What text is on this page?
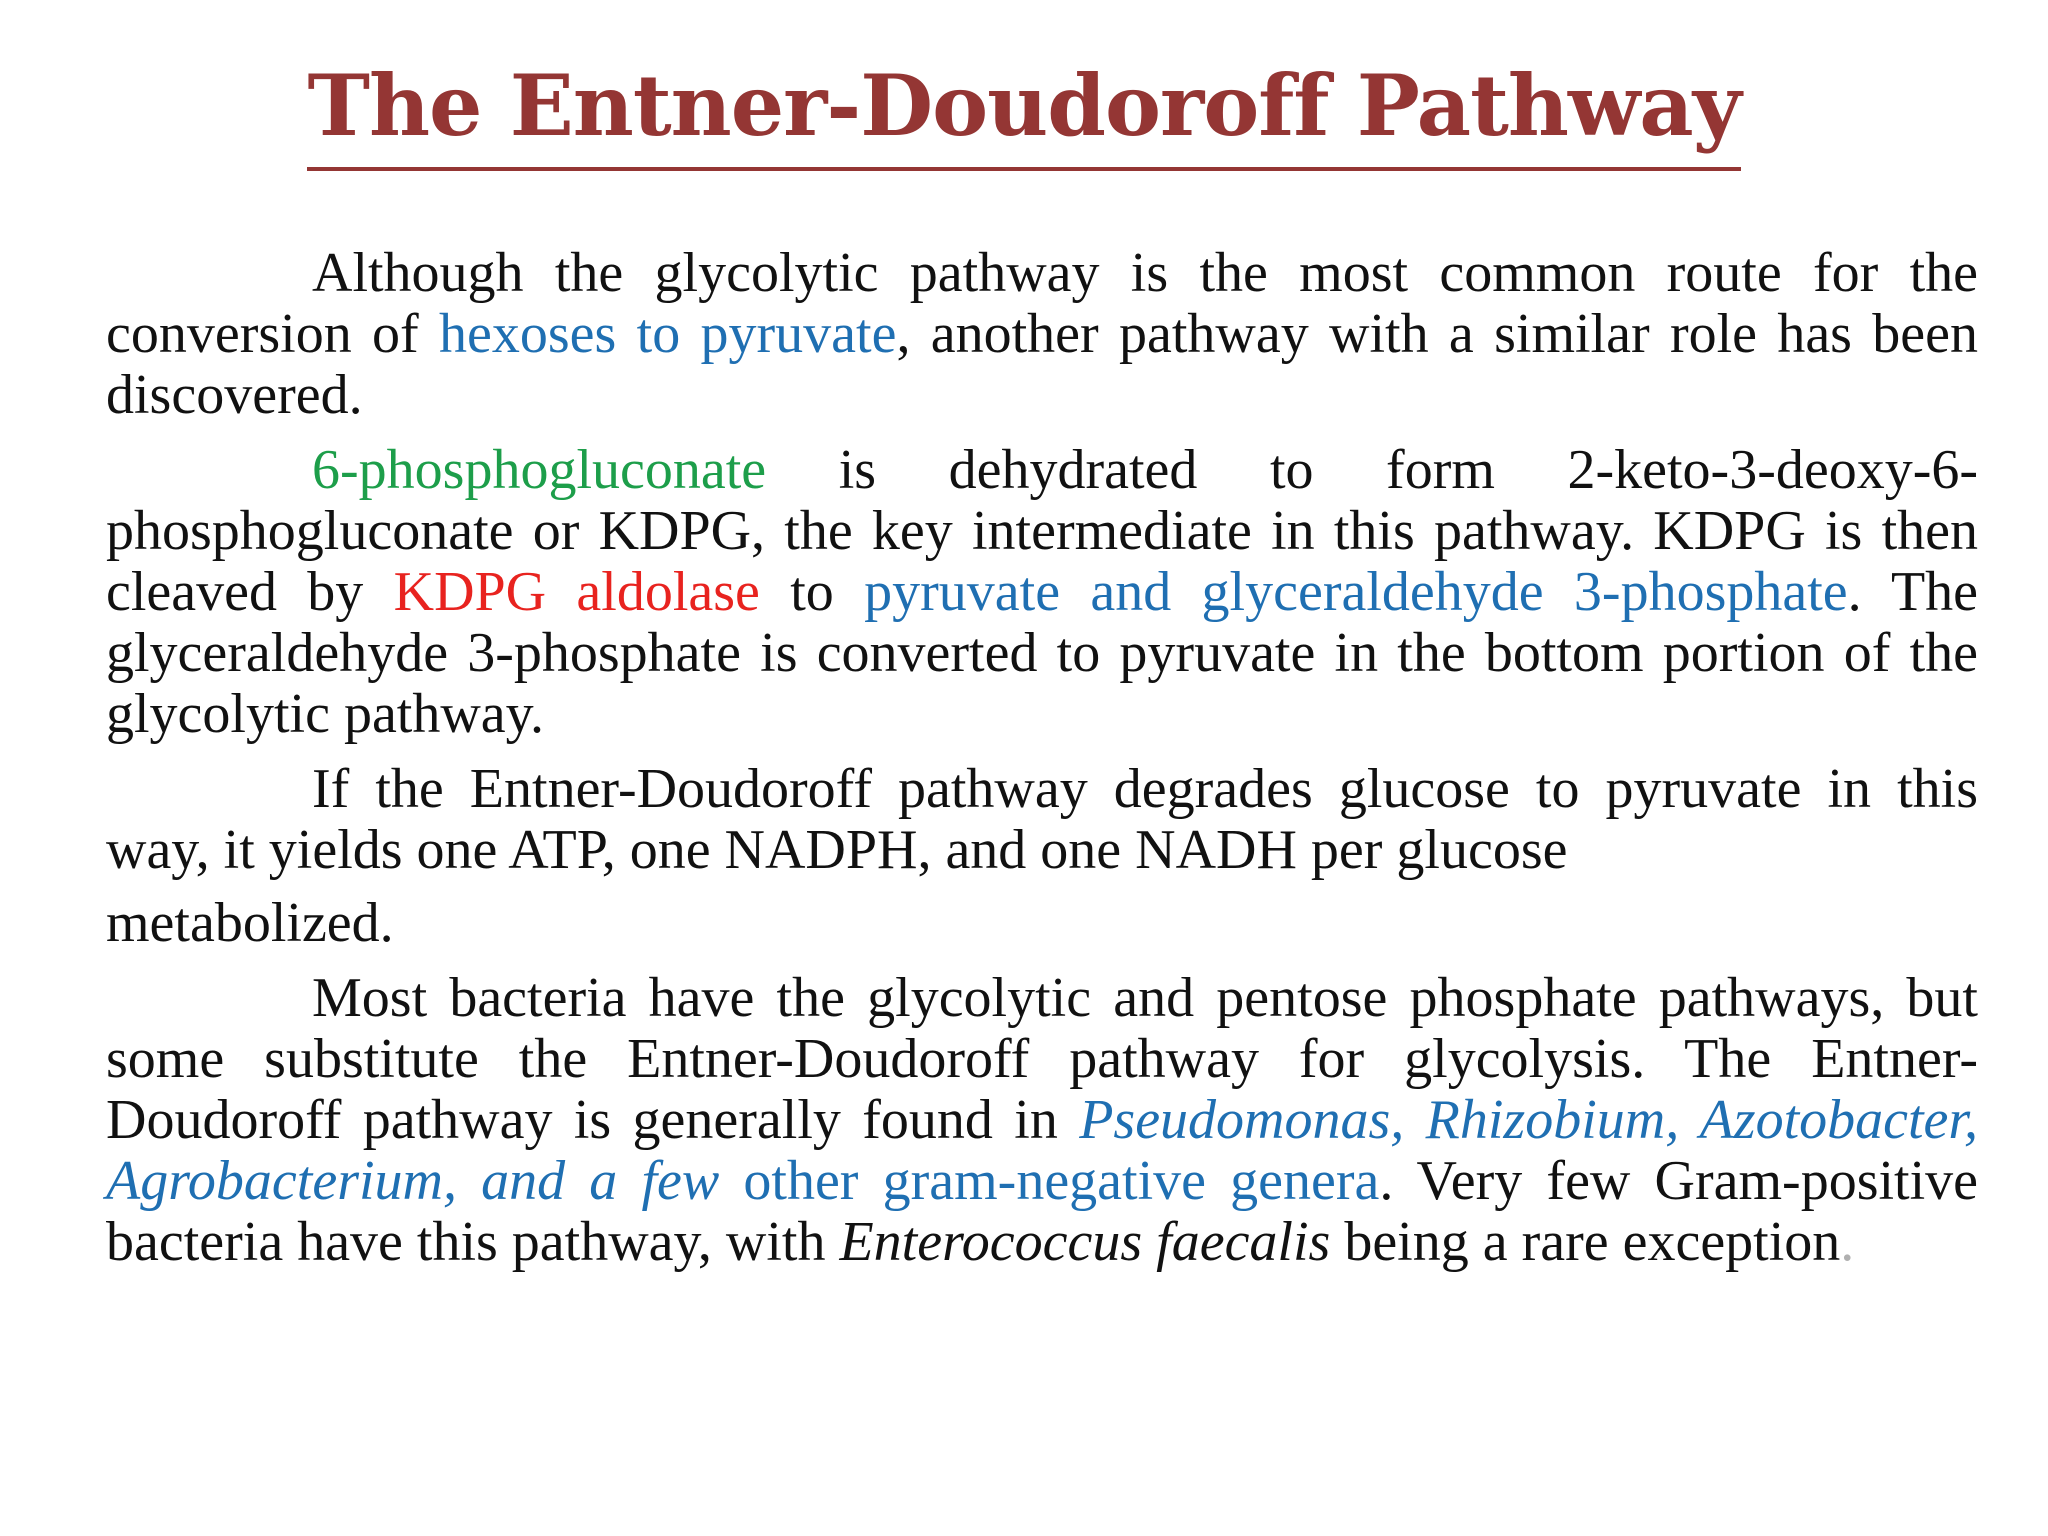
The Entner-Doudoroff Pathway

Although the glycolytic pathway is the most common route for the conversion of hexoses to pyruvate, another pathway with a similar role has been discovered.

6-phosphogluconate is dehydrated to form 2-keto-3-deoxy-6-phosphogluconate or KDPG, the key intermediate in this pathway. KDPG is then cleaved by KDPG aldolase to pyruvate and glyceraldehyde 3-phosphate. The glyceraldehyde 3-phosphate is converted to pyruvate in the bottom portion of the glycolytic pathway.

If the Entner-Doudoroff pathway degrades glucose to pyruvate in this way, it yields one ATP, one NADPH, and one NADH per glucose
metabolized.

Most bacteria have the glycolytic and pentose phosphate pathways, but some substitute the Entner-Doudoroff pathway for glycolysis. The Entner-Doudoroff pathway is generally found in Pseudomonas, Rhizobium, Azotobacter, Agrobacterium, and a few other gram-negative genera. Very few Gram-positive bacteria have this pathway, with Enterococcus faecalis being a rare exception.
